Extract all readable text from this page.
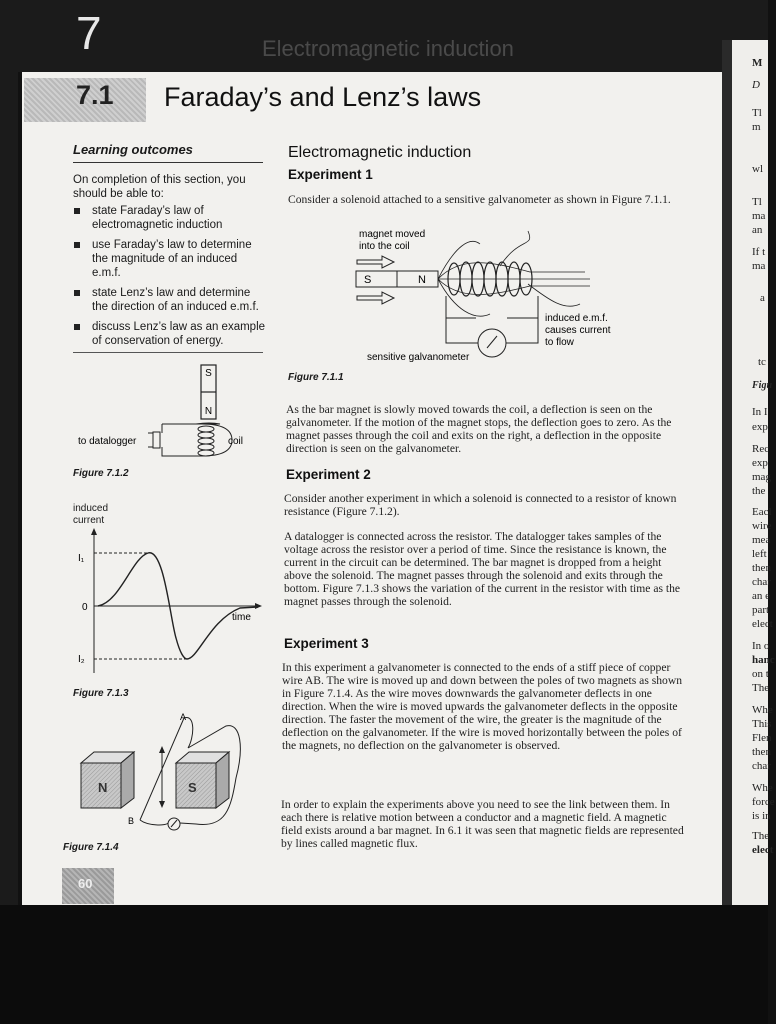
7	Electromagnetic induction
7.1 Faraday’s and Lenz’s laws
Learning outcomes
On completion of this section, you should be able to:
state Faraday’s law of electromagnetic induction
use Faraday’s law to determine the magnitude of an induced e.m.f.
state Lenz’s law and determine the direction of an induced e.m.f.
discuss Lenz’s law as an example of conservation of energy.
S
N
to datalogger	coil
Figure 7.1.2
induced current
I₁
0
I₂
time
Figure 7.1.3
A
B
N	S
Figure 7.1.4
Electromagnetic induction
Experiment 1
Consider a solenoid attached to a sensitive galvanometer as shown in Figure 7.1.1.
magnet moved
into the coil
S	N
induced e.m.f.
causes current
to flow
sensitive galvanometer
Figure 7.1.1
As the bar magnet is slowly moved towards the coil, a deflection is seen on the galvanometer. If the motion of the magnet stops, the deflection goes to zero. As the magnet passes through the coil and exits on the right, a deflection in the opposite direction is seen on the galvanometer.
Experiment 2
Consider another experiment in which a solenoid is connected to a resistor of known resistance (Figure 7.1.2).
A datalogger is connected across the resistor. The datalogger takes samples of the voltage across the resistor over a period of time. Since the resistance is known, the current in the circuit can be determined. The bar magnet is dropped from a height above the solenoid. The magnet passes through the solenoid and exits through the bottom. Figure 7.1.3 shows the variation of the current in the resistor with time as the magnet passes through the solenoid.
Experiment 3
In this experiment a galvanometer is connected to the ends of a stiff piece of copper wire AB. The wire is moved up and down between the poles of two magnets as shown in Figure 7.1.4. As the wire moves downwards the galvanometer deflects in one direction. When the wire is moved upwards the galvanometer deflects in the opposite direction. The faster the movement of the wire, the greater is the magnitude of the deflection on the galvanometer. If the wire is moved horizontally between the poles of the magnets, no deflection on the galvanometer is observed.
In order to explain the experiments above you need to see the link between them. In each there is relative motion between a conductor and a magnetic field. A magnetic field exists around a bar magnet. In 6.1 it was seen that magnetic fields are represented by lines called magnetic flux.
60
M
D
Tl
m
wl
Tl
ma
an
If t
ma
a
tc
Figu
In I
exp
Rec
exp
mag
the
Eacl
wire
mea
left
then
char
an e
part
elect
In o
hanc
on t
The
Whe
This
Flen
then
char
Whe
force
is in
The
elect
